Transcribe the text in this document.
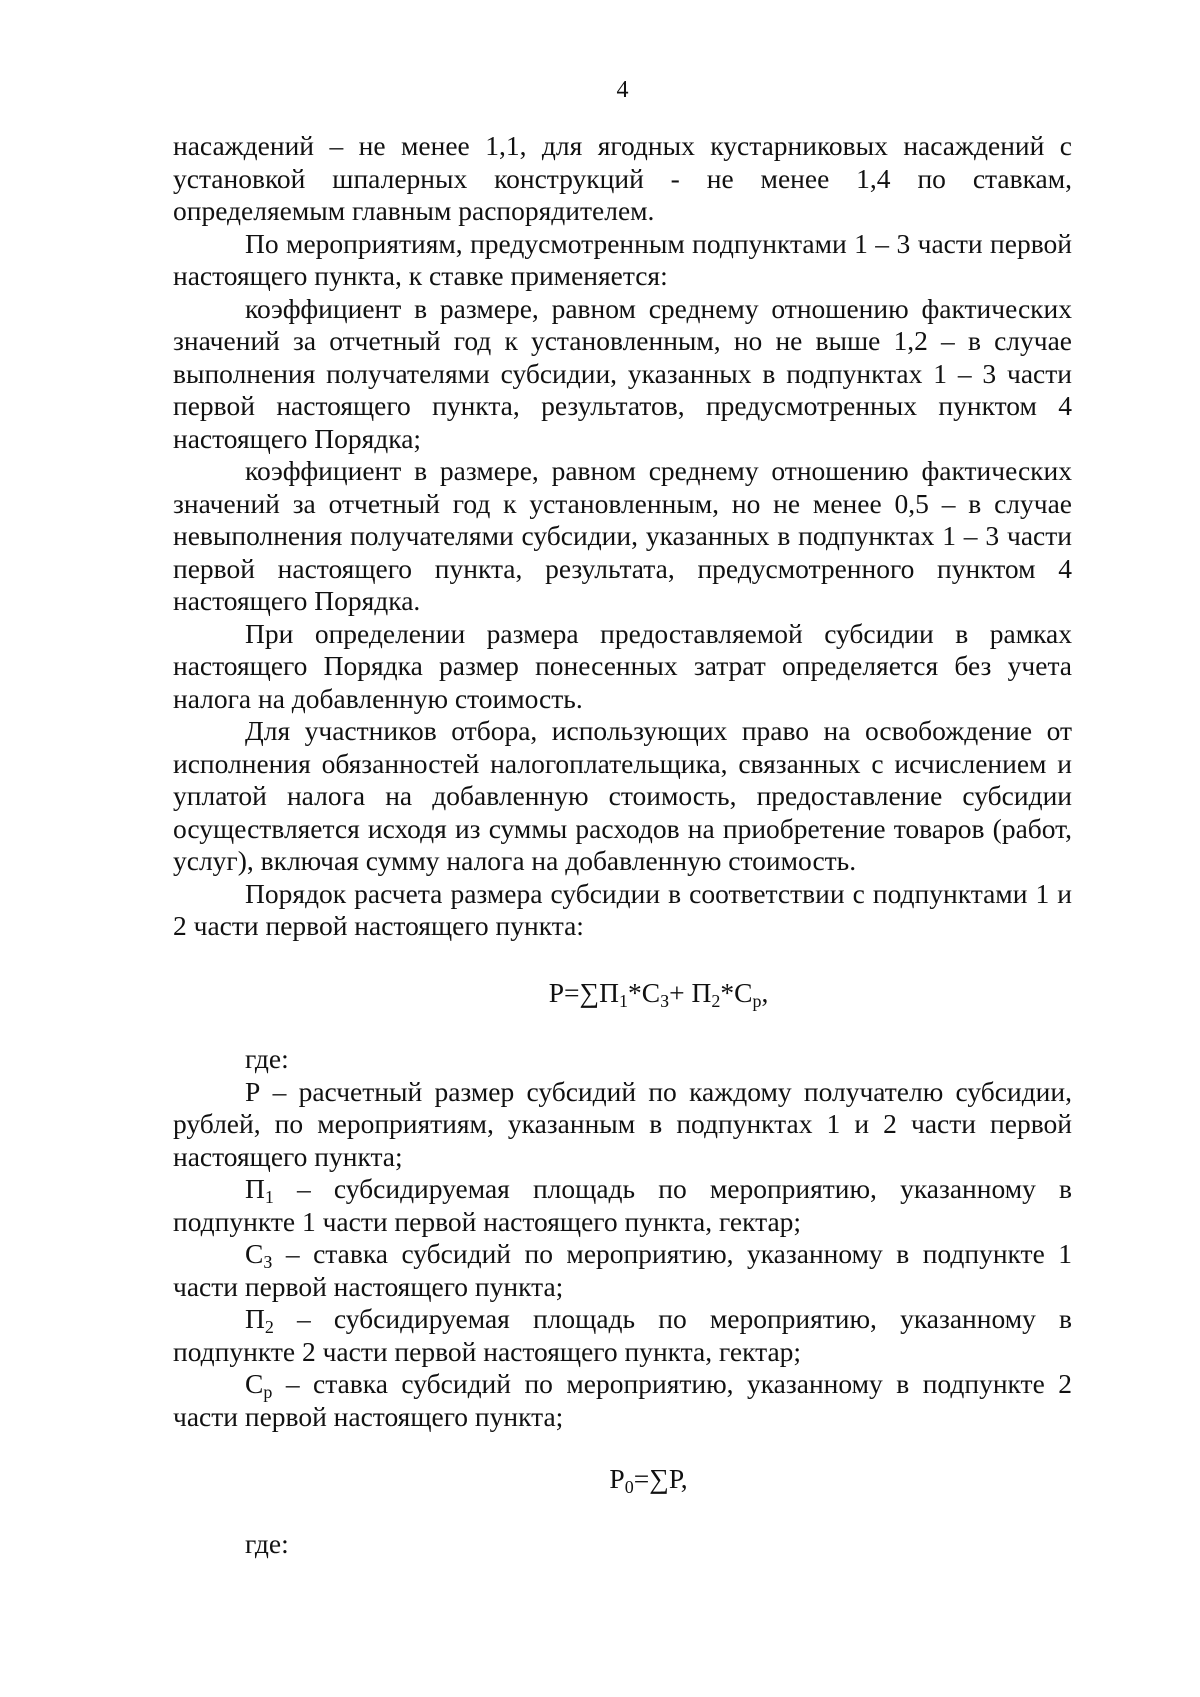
4

насаждений – не менее 1,1, для ягодных кустарниковых насаждений с установкой шпалерных конструкций - не менее 1,4 по ставкам, определяемым главным распорядителем.

По мероприятиям, предусмотренным подпунктами 1 – 3 части первой настоящего пункта, к ставке применяется:

коэффициент в размере, равном среднему отношению фактических значений за отчетный год к установленным, но не выше 1,2 – в случае выполнения получателями субсидии, указанных в подпунктах 1 – 3 части первой настоящего пункта, результатов, предусмотренных пунктом 4 настоящего Порядка;

коэффициент в размере, равном среднему отношению фактических значений за отчетный год к установленным, но не менее 0,5 – в случае невыполнения получателями субсидии, указанных в подпунктах 1 – 3 части первой настоящего пункта, результата, предусмотренного пунктом 4 настоящего Порядка.

При определении размера предоставляемой субсидии в рамках настоящего Порядка размер понесенных затрат определяется без учета налога на добавленную стоимость.

Для участников отбора, использующих право на освобождение от исполнения обязанностей налогоплательщика, связанных с исчислением и уплатой налога на добавленную стоимость, предоставление субсидии осуществляется исходя из суммы расходов на приобретение товаров (работ, услуг), включая сумму налога на добавленную стоимость.

Порядок расчета размера субсидии в соответствии с подпунктами 1 и 2 части первой настоящего пункта:

$Р=\sum П_1*С_З+ П_2*С_р$,

где:

Р – расчетный размер субсидий по каждому получателю субсидии, рублей, по мероприятиям, указанным в подпунктах 1 и 2 части первой настоящего пункта;

$П_1$ – субсидируемая площадь по мероприятию, указанному в подпункте 1 части первой настоящего пункта, гектар;

$С_З$ – ставка субсидий по мероприятию, указанному в подпункте 1 части первой настоящего пункта;

$П_2$ – субсидируемая площадь по мероприятию, указанному в подпункте 2 части первой настоящего пункта, гектар;

$С_р$ – ставка субсидий по мероприятию, указанному в подпункте 2 части первой настоящего пункта;

$Р_0=\sum Р$,

где:
